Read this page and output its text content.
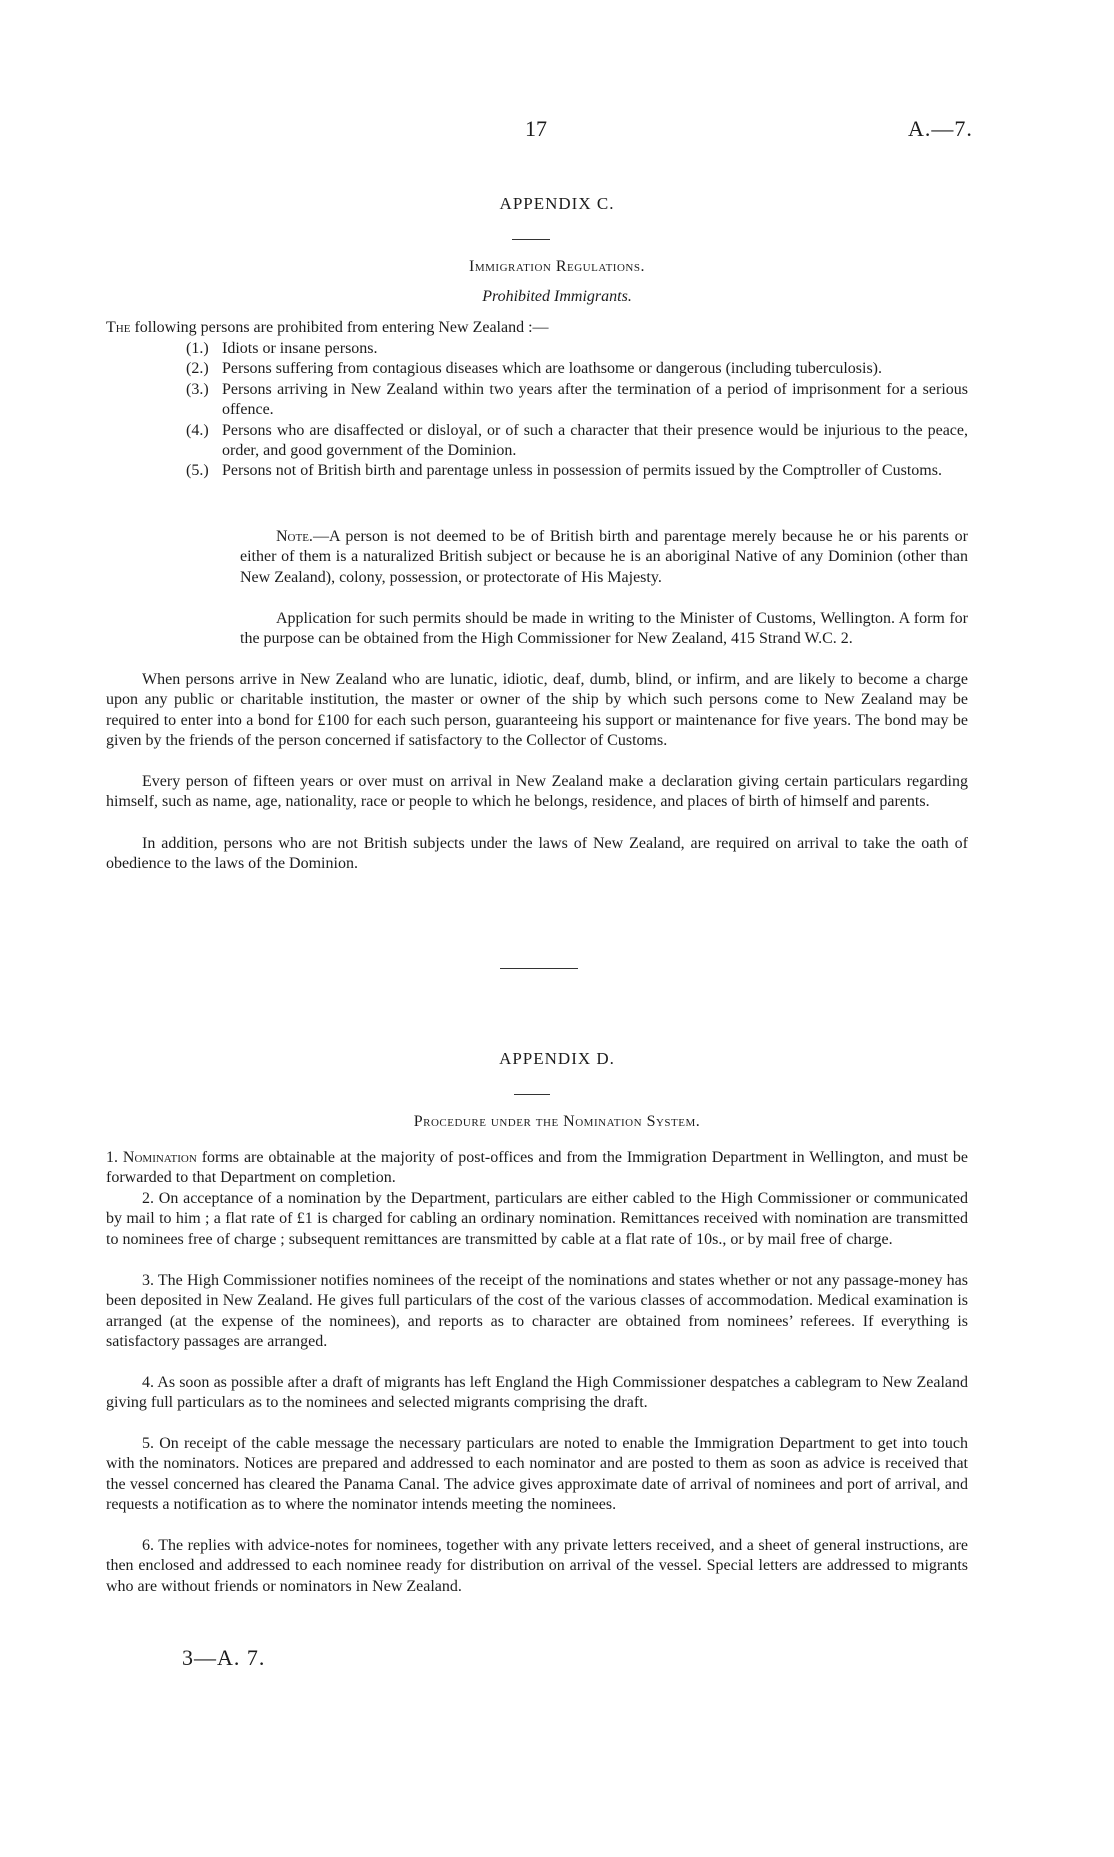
17	A.—7.
APPENDIX C.
Immigration Regulations.
Prohibited Immigrants.
The following persons are prohibited from entering New Zealand :—
(1.) Idiots or insane persons.
(2.) Persons suffering from contagious diseases which are loathsome or dangerous (including tuberculosis).
(3.) Persons arriving in New Zealand within two years after the termination of a period of imprisonment for a serious offence.
(4.) Persons who are disaffected or disloyal, or of such a character that their presence would be injurious to the peace, order, and good government of the Dominion.
(5.) Persons not of British birth and parentage unless in possession of permits issued by the Comptroller of Customs.
Note.—A person is not deemed to be of British birth and parentage merely because he or his parents or either of them is a naturalized British subject or because he is an aboriginal Native of any Dominion (other than New Zealand), colony, possession, or protectorate of His Majesty.
Application for such permits should be made in writing to the Minister of Customs, Wellington. A form for the purpose can be obtained from the High Commissioner for New Zealand, 415 Strand W.C. 2.
When persons arrive in New Zealand who are lunatic, idiotic, deaf, dumb, blind, or infirm, and are likely to become a charge upon any public or charitable institution, the master or owner of the ship by which such persons come to New Zealand may be required to enter into a bond for £100 for each such person, guaranteeing his support or maintenance for five years. The bond may be given by the friends of the person concerned if satisfactory to the Collector of Customs.
Every person of fifteen years or over must on arrival in New Zealand make a declaration giving certain particulars regarding himself, such as name, age, nationality, race or people to which he belongs, residence, and places of birth of himself and parents.
In addition, persons who are not British subjects under the laws of New Zealand, are required on arrival to take the oath of obedience to the laws of the Dominion.
APPENDIX D.
Procedure under the Nomination System.
1. Nomination forms are obtainable at the majority of post-offices and from the Immigration Department in Wellington, and must be forwarded to that Department on completion.
2. On acceptance of a nomination by the Department, particulars are either cabled to the High Commissioner or communicated by mail to him ; a flat rate of £1 is charged for cabling an ordinary nomination. Remittances received with nomination are transmitted to nominees free of charge ; subsequent remittances are transmitted by cable at a flat rate of 10s., or by mail free of charge.
3. The High Commissioner notifies nominees of the receipt of the nominations and states whether or not any passage-money has been deposited in New Zealand. He gives full particulars of the cost of the various classes of accommodation. Medical examination is arranged (at the expense of the nominees), and reports as to character are obtained from nominees’ referees. If everything is satisfactory passages are arranged.
4. As soon as possible after a draft of migrants has left England the High Commissioner despatches a cablegram to New Zealand giving full particulars as to the nominees and selected migrants comprising the draft.
5. On receipt of the cable message the necessary particulars are noted to enable the Immigration Department to get into touch with the nominators. Notices are prepared and addressed to each nominator and are posted to them as soon as advice is received that the vessel concerned has cleared the Panama Canal. The advice gives approximate date of arrival of nominees and port of arrival, and requests a notification as to where the nominator intends meeting the nominees.
6. The replies with advice-notes for nominees, together with any private letters received, and a sheet of general instructions, are then enclosed and addressed to each nominee ready for distribution on arrival of the vessel. Special letters are addressed to migrants who are without friends or nominators in New Zealand.
3—A. 7.
